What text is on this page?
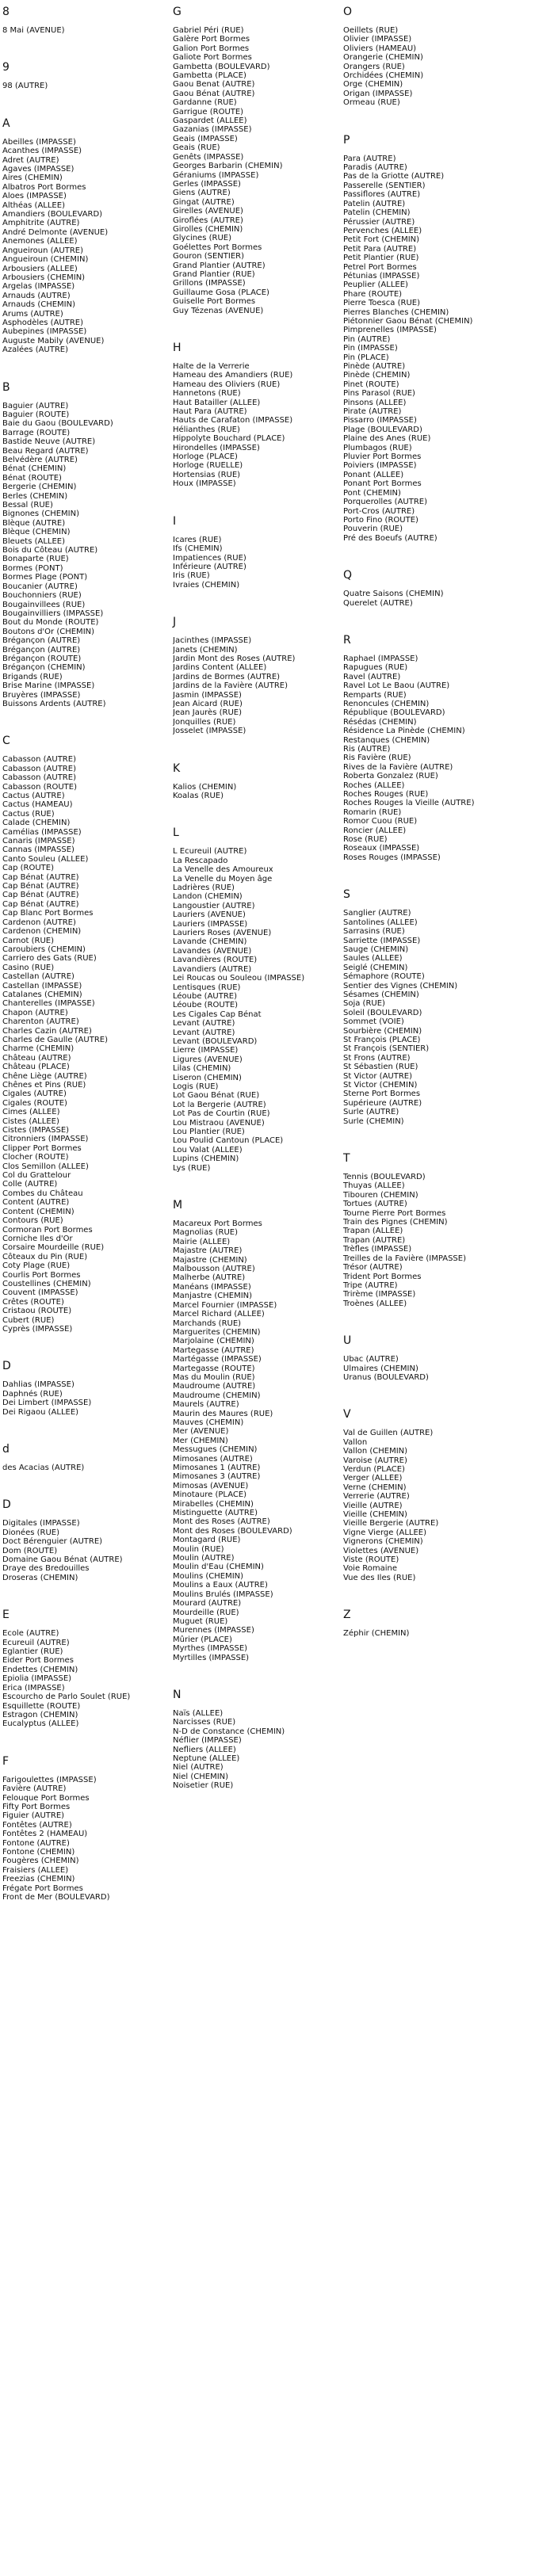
8
8 Mai (AVENUE)
9
98 (AUTRE)
A
Abeilles (IMPASSE)
Acanthes (IMPASSE)
Adret (AUTRE)
Agaves (IMPASSE)
Aires (CHEMIN)
Albatros Port Bormes
Aloes (IMPASSE)
Althéas (ALLEE)
Amandiers (BOULEVARD)
Amphitrite (AUTRE)
André Delmonte (AVENUE)
Anemones (ALLEE)
Angueiroun (AUTRE)
Angueiroun (CHEMIN)
Arbousiers (ALLEE)
Arbousiers (CHEMIN)
Argelas (IMPASSE)
Arnauds (AUTRE)
Arnauds (CHEMIN)
Arums (AUTRE)
Asphodèles (AUTRE)
Aubepines (IMPASSE)
Auguste Mabily (AVENUE)
Azalées (AUTRE)
B
Baguier (AUTRE)
Baguier (ROUTE)
Baie du Gaou (BOULEVARD)
Barrage (ROUTE)
Bastide Neuve (AUTRE)
Beau Regard (AUTRE)
Belvédère (AUTRE)
Bénat (CHEMIN)
Bénat (ROUTE)
Bergerie (CHEMIN)
Berles (CHEMIN)
Bessal (RUE)
Bignones (CHEMIN)
Blèque (AUTRE)
Blèque (CHEMIN)
Bleuets (ALLEE)
Bois du Côteau (AUTRE)
Bonaparte (RUE)
Bormes (PONT)
Bormes Plage (PONT)
Boucanier (AUTRE)
Bouchonniers (RUE)
Bougainvillees (RUE)
Bougainvilliers (IMPASSE)
Bout du Monde (ROUTE)
Boutons d'Or (CHEMIN)
Brégançon (AUTRE)
Brégançon (AUTRE)
Brégançon (ROUTE)
Brégançon (CHEMIN)
Brigands (RUE)
Brise Marine (IMPASSE)
Bruyères (IMPASSE)
Buissons Ardents (AUTRE)
C
Cabasson (AUTRE)
Cabasson (AUTRE)
Cabasson (AUTRE)
Cabasson (ROUTE)
Cactus (AUTRE)
Cactus (HAMEAU)
Cactus (RUE)
Calade (CHEMIN)
Camélias (IMPASSE)
Canaris (IMPASSE)
Cannas (IMPASSE)
Canto Souleu (ALLEE)
Cap (ROUTE)
Cap Bénat (AUTRE)
Cap Bénat (AUTRE)
Cap Bénat (AUTRE)
Cap Bénat (AUTRE)
Cap Blanc Port Bormes
Cardenon (AUTRE)
Cardenon (CHEMIN)
Carnot (RUE)
Caroubiers (CHEMIN)
Carriero des Gats (RUE)
Casino (RUE)
Castellan (AUTRE)
Castellan (IMPASSE)
Catalanes (CHEMIN)
Chanterelles (IMPASSE)
Chapon (AUTRE)
Charenton (AUTRE)
Charles Cazin (AUTRE)
Charles de Gaulle (AUTRE)
Charme (CHEMIN)
Château (AUTRE)
Château (PLACE)
Chêne Liège (AUTRE)
Chênes et Pins (RUE)
Cigales (AUTRE)
Cigales (ROUTE)
Cimes (ALLEE)
Cistes (ALLEE)
Cistes (IMPASSE)
Citronniers (IMPASSE)
Clipper Port Bormes
Clocher (ROUTE)
Clos Semillon (ALLEE)
Col du Grattelour
Colle (AUTRE)
Combes du Château
Content (AUTRE)
Content (CHEMIN)
Contours (RUE)
Cormoran Port Bormes
Corniche Iles d'Or
Corsaire Mourdeille (RUE)
Côteaux du Pin (RUE)
Coty Plage (RUE)
Courlis Port Bormes
Coustellines (CHEMIN)
Couvent (IMPASSE)
Crêtes (ROUTE)
Cristaou (ROUTE)
Cubert (RUE)
Cyprès (IMPASSE)
D
Dahlias (IMPASSE)
Daphnés (RUE)
Dei Limbert (IMPASSE)
Dei Rigaou (ALLEE)
d
des Acacias (AUTRE)
D
Digitales (IMPASSE)
Dionées (RUE)
Doct Bérenguier (AUTRE)
Dom (ROUTE)
Domaine Gaou Bénat (AUTRE)
Draye des Bredouilles
Droseras (CHEMIN)
E
Ecole (AUTRE)
Ecureuil (AUTRE)
Eglantier (RUE)
Eider Port Bormes
Endettes (CHEMIN)
Epiolia (IMPASSE)
Erica (IMPASSE)
Escourcho de Parlo Soulet (RUE)
Esquillette (ROUTE)
Estragon (CHEMIN)
Eucalyptus (ALLEE)
F
Farigoulettes (IMPASSE)
Favière (AUTRE)
Felouque Port Bormes
Fifty Port Bormes
Figuier (AUTRE)
Fontêtes (AUTRE)
Fontêtes 2 (HAMEAU)
Fontone (AUTRE)
Fontone (CHEMIN)
Fougères (CHEMIN)
Fraisiers (ALLEE)
Freezias (CHEMIN)
Frégate Port Bormes
Front de Mer (BOULEVARD)
G
Gabriel Péri (RUE)
Galère Port Bormes
Galion Port Bormes
Galiote Port Bormes
Gambetta (BOULEVARD)
Gambetta (PLACE)
Gaou Benat (AUTRE)
Gaou Bénat (AUTRE)
Gardanne (RUE)
Garrigue (ROUTE)
Gaspardet (ALLEE)
Gazanias (IMPASSE)
Geais (IMPASSE)
Geais (RUE)
Genêts (IMPASSE)
Georges Barbarin (CHEMIN)
Géraniums (IMPASSE)
Gerles (IMPASSE)
Giens (AUTRE)
Gingat (AUTRE)
Girelles (AVENUE)
Giroflées (AUTRE)
Girolles (CHEMIN)
Glycines (RUE)
Goélettes Port Bormes
Gouron (SENTIER)
Grand Plantier (AUTRE)
Grand Plantier (RUE)
Grillons (IMPASSE)
Guillaume Gosa (PLACE)
Guiselle Port Bormes
Guy Tézenas (AVENUE)
H
Halte de la Verrerie
Hameau des Amandiers (RUE)
Hameau des Oliviers (RUE)
Hannetons (RUE)
Haut Batailler (ALLEE)
Haut Para (AUTRE)
Hauts de Carafaton (IMPASSE)
Hélianthes (RUE)
Hippolyte Bouchard (PLACE)
Hirondelles (IMPASSE)
Horloge (PLACE)
Horloge (RUELLE)
Hortensias (RUE)
Houx (IMPASSE)
I
Icares (RUE)
Ifs (CHEMIN)
Impatiences (RUE)
Inférieure (AUTRE)
Iris (RUE)
Ivraies (CHEMIN)
J
Jacinthes (IMPASSE)
Janets (CHEMIN)
Jardin Mont des Roses (AUTRE)
Jardins Content (ALLEE)
Jardins de Bormes (AUTRE)
Jardins de la Favière (AUTRE)
Jasmin (IMPASSE)
Jean Aicard (RUE)
Jean Jaurès (RUE)
Jonquilles (RUE)
Josselet (IMPASSE)
K
Kalios (CHEMIN)
Koalas (RUE)
L
L Ecureuil (AUTRE)
La Rescapado
La Venelle des Amoureux
La Venelle du Moyen âge
Ladrières (RUE)
Landon (CHEMIN)
Langoustier (AUTRE)
Lauriers (AVENUE)
Lauriers (IMPASSE)
Lauriers Roses (AVENUE)
Lavande (CHEMIN)
Lavandes (AVENUE)
Lavandières (ROUTE)
Lavandiers (AUTRE)
Lei Roucas ou Souleou (IMPASSE)
Lentisques (RUE)
Léoube (AUTRE)
Léoube (ROUTE)
Les Cigales Cap Bénat
Levant (AUTRE)
Levant (AUTRE)
Levant (BOULEVARD)
Lierre (IMPASSE)
Ligures (AVENUE)
Lilas (CHEMIN)
Liseron (CHEMIN)
Logis (RUE)
Lot Gaou Bénat (RUE)
Lot la Bergerie (AUTRE)
Lot Pas de Courtin (RUE)
Lou Mistraou (AVENUE)
Lou Plantier (RUE)
Lou Poulid Cantoun (PLACE)
Lou Valat (ALLEE)
Lupins (CHEMIN)
Lys (RUE)
M
Macareux Port Bormes
Magnolias (RUE)
Mairie (ALLEE)
Majastre (AUTRE)
Majastre (CHEMIN)
Malbousson (AUTRE)
Malherbe (AUTRE)
Manéans (IMPASSE)
Manjastre (CHEMIN)
Marcel Fournier (IMPASSE)
Marcel Richard (ALLEE)
Marchands (RUE)
Marguerites (CHEMIN)
Marjolaine (CHEMIN)
Martegasse (AUTRE)
Martégasse (IMPASSE)
Martegasse (ROUTE)
Mas du Moulin (RUE)
Maudroume (AUTRE)
Maudroume (CHEMIN)
Maurels (AUTRE)
Maurin des Maures (RUE)
Mauves (CHEMIN)
Mer (AVENUE)
Mer (CHEMIN)
Messugues (CHEMIN)
Mimosanes (AUTRE)
Mimosanes 1 (AUTRE)
Mimosanes 3 (AUTRE)
Mimosas (AVENUE)
Minotaure (PLACE)
Mirabelles (CHEMIN)
Mistinguette (AUTRE)
Mont des Roses (AUTRE)
Mont des Roses (BOULEVARD)
Montagard (RUE)
Moulin (RUE)
Moulin (AUTRE)
Moulin d'Eau (CHEMIN)
Moulins (CHEMIN)
Moulins a Eaux (AUTRE)
Moulins Brulés (IMPASSE)
Mourard (AUTRE)
Mourdeille (RUE)
Muguet (RUE)
Murennes (IMPASSE)
Mûrier (PLACE)
Myrthes (IMPASSE)
Myrtilles (IMPASSE)
N
Naïs (ALLEE)
Narcisses (RUE)
N-D de Constance (CHEMIN)
Néflier (IMPASSE)
Nefliers (ALLEE)
Neptune (ALLEE)
Niel (AUTRE)
Niel (CHEMIN)
Noisetier (RUE)
O
Oeillets (RUE)
Olivier (IMPASSE)
Oliviers (HAMEAU)
Orangerie (CHEMIN)
Orangers (RUE)
Orchidées (CHEMIN)
Orge (CHEMIN)
Origan (IMPASSE)
Ormeau (RUE)
P
Para (AUTRE)
Paradis (AUTRE)
Pas de la Griotte (AUTRE)
Passerelle (SENTIER)
Passiflores (AUTRE)
Patelin (AUTRE)
Patelin (CHEMIN)
Pérussier (AUTRE)
Pervenches (ALLEE)
Petit Fort (CHEMIN)
Petit Para (AUTRE)
Petit Plantier (RUE)
Petrel Port Bormes
Pétunias (IMPASSE)
Peuplier (ALLEE)
Phare (ROUTE)
Pierre Toesca (RUE)
Pierres Blanches (CHEMIN)
Piétonnier Gaou Bénat (CHEMIN)
Pimprenelles (IMPASSE)
Pin (AUTRE)
Pin (IMPASSE)
Pin (PLACE)
Pinède (AUTRE)
Pinède (CHEMIN)
Pinet (ROUTE)
Pins Parasol (RUE)
Pinsons (ALLEE)
Pirate (AUTRE)
Pissarro (IMPASSE)
Plage (BOULEVARD)
Plaine des Anes (RUE)
Plumbagos (RUE)
Pluvier Port Bormes
Poiviers (IMPASSE)
Ponant (ALLEE)
Ponant Port Bormes
Pont (CHEMIN)
Porquerolles (AUTRE)
Port-Cros (AUTRE)
Porto Fino (ROUTE)
Pouverin (RUE)
Pré des Boeufs (AUTRE)
Q
Quatre Saisons (CHEMIN)
Querelet (AUTRE)
R
Raphael (IMPASSE)
Rapugues (RUE)
Ravel (AUTRE)
Ravel Lot Le Baou (AUTRE)
Remparts (RUE)
Renoncules (CHEMIN)
République (BOULEVARD)
Résédas (CHEMIN)
Résidence La Pinède (CHEMIN)
Restanques (CHEMIN)
Ris (AUTRE)
Ris Favière (RUE)
Rives de la Favière (AUTRE)
Roberta Gonzalez (RUE)
Roches (ALLEE)
Roches Rouges (RUE)
Roches Rouges la Vieille (AUTRE)
Romarin (RUE)
Romor Cuou (RUE)
Roncier (ALLEE)
Rose (RUE)
Roseaux (IMPASSE)
Roses Rouges (IMPASSE)
S
Sanglier (AUTRE)
Santolines (ALLEE)
Sarrasins (RUE)
Sarriette (IMPASSE)
Sauge (CHEMIN)
Saules (ALLEE)
Seiglé (CHEMIN)
Sémaphore (ROUTE)
Sentier des Vignes (CHEMIN)
Sésames (CHEMIN)
Soja (RUE)
Soleil (BOULEVARD)
Sommet (VOIE)
Sourbière (CHEMIN)
St François (PLACE)
St François (SENTIER)
St Frons (AUTRE)
St Sébastien (RUE)
St Victor (AUTRE)
St Victor (CHEMIN)
Sterne Port Bormes
Supérieure (AUTRE)
Surle (AUTRE)
Surle (CHEMIN)
T
Tennis (BOULEVARD)
Thuyas (ALLEE)
Tibouren (CHEMIN)
Tortues (AUTRE)
Tourne Pierre Port Bormes
Train des Pignes (CHEMIN)
Trapan (ALLEE)
Trapan (AUTRE)
Trèfles (IMPASSE)
Treilles de la Favière (IMPASSE)
Trésor (AUTRE)
Trident Port Bormes
Tripe (AUTRE)
Trirème (IMPASSE)
Troènes (ALLEE)
U
Ubac (AUTRE)
Ulmaires (CHEMIN)
Uranus (BOULEVARD)
V
Val de Guillen (AUTRE)
Vallon
Vallon (CHEMIN)
Varoise (AUTRE)
Verdun (PLACE)
Verger (ALLEE)
Verne (CHEMIN)
Verrerie (AUTRE)
Vieille (AUTRE)
Vieille (CHEMIN)
Vieille Bergerie (AUTRE)
Vigne Vierge (ALLEE)
Vignerons (CHEMIN)
Violettes (AVENUE)
Viste (ROUTE)
Voie Romaine
Vue des Iles (RUE)
Z
Zéphir (CHEMIN)
